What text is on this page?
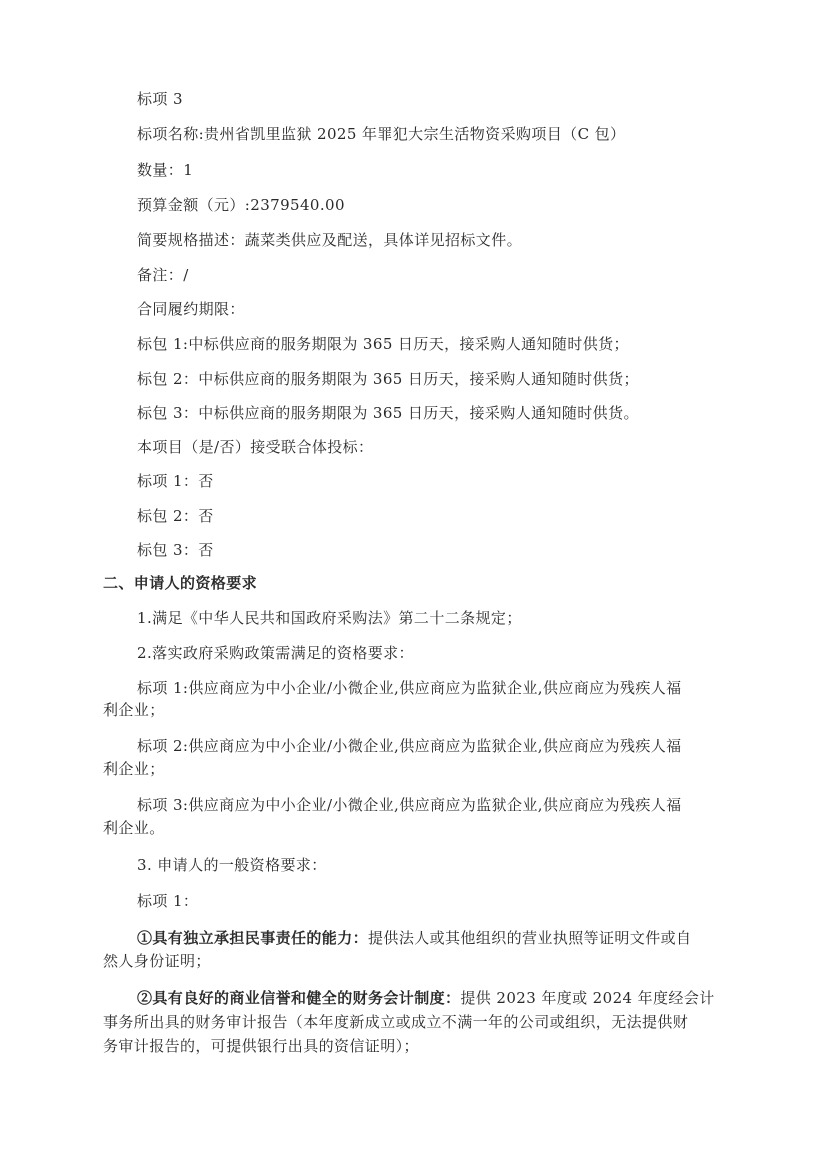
标项 3
标项名称:贵州省凯里监狱 2025 年罪犯大宗生活物资采购项目（C 包）
数量：1
预算金额（元）:2379540.00
简要规格描述：蔬菜类供应及配送，具体详见招标文件。
备注：/
合同履约期限：
标包 1:中标供应商的服务期限为 365 日历天，接采购人通知随时供货；
标包 2：中标供应商的服务期限为 365 日历天，接采购人通知随时供货；
标包 3：中标供应商的服务期限为 365 日历天，接采购人通知随时供货。
本项目（是/否）接受联合体投标：
标项 1：否
标包 2：否
标包 3：否
二、申请人的资格要求
1.满足《中华人民共和国政府采购法》第二十二条规定；
2.落实政府采购政策需满足的资格要求：
标项 1:供应商应为中小企业/小微企业,供应商应为监狱企业,供应商应为残疾人福
利企业；
标项 2:供应商应为中小企业/小微企业,供应商应为监狱企业,供应商应为残疾人福
利企业；
标项 3:供应商应为中小企业/小微企业,供应商应为监狱企业,供应商应为残疾人福
利企业。
3. 申请人的一般资格要求：
标项 1：
①具有独立承担民事责任的能力：提供法人或其他组织的营业执照等证明文件或自
然人身份证明；
②具有良好的商业信誉和健全的财务会计制度：提供 2023 年度或 2024 年度经会计
事务所出具的财务审计报告（本年度新成立或成立不满一年的公司或组织，无法提供财
务审计报告的，可提供银行出具的资信证明）；
